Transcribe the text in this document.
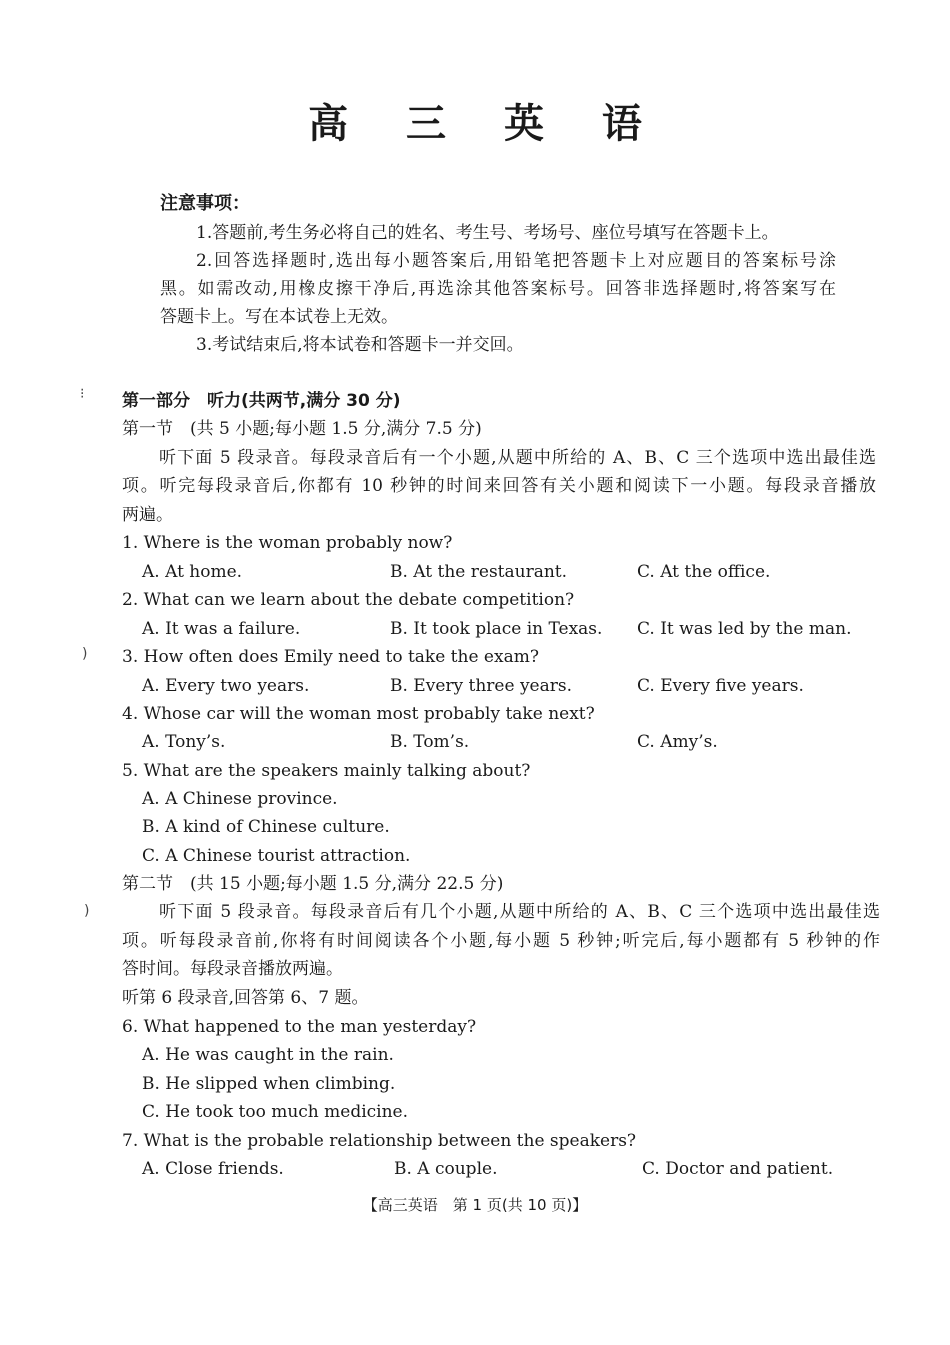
高 三 英 语
注意事项：
1.答题前,考生务必将自己的姓名、考生号、考场号、座位号填写在答题卡上。
2.回答选择题时,选出每小题答案后,用铅笔把答题卡上对应题目的答案标号涂
黑。如需改动,用橡皮擦干净后,再选涂其他答案标号。回答非选择题时,将答案写在
答题卡上。写在本试卷上无效。
3.考试结束后,将本试卷和答题卡一并交回。
⁝
)
)
第一部分　听力(共两节,满分 30 分)
第一节　(共 5 小题;每小题 1.5 分,满分 7.5 分)
听下面 5 段录音。每段录音后有一个小题,从题中所给的 A、B、C 三个选项中选出最佳选
项。听完每段录音后,你都有 10 秒钟的时间来回答有关小题和阅读下一小题。每段录音播放
两遍。
1. Where is the woman probably now?
A. At home.	B. At the restaurant.	C. At the office.
2. What can we learn about the debate competition?
A. It was a failure.	B. It took place in Texas. C. It was led by the man.
3. How often does Emily need to take the exam?
A. Every two years.	B. Every three years.	C. Every five years.
4. Whose car will the woman most probably take next?
A. Tony’s.	B. Tom’s.	C. Amy’s.
5. What are the speakers mainly talking about?
A. A Chinese province.
B. A kind of Chinese culture.
C. A Chinese tourist attraction.
第二节　(共 15 小题;每小题 1.5 分,满分 22.5 分)
听下面 5 段录音。每段录音后有几个小题,从题中所给的 A、B、C 三个选项中选出最佳选
项。听每段录音前,你将有时间阅读各个小题,每小题 5 秒钟;听完后,每小题都有 5 秒钟的作
答时间。每段录音播放两遍。
听第 6 段录音,回答第 6、7 题。
6. What happened to the man yesterday?
A. He was caught in the rain.
B. He slipped when climbing.
C. He took too much medicine.
7. What is the probable relationship between the speakers?
A. Close friends.	B. A couple.	C. Doctor and patient.
【高三英语　第 1 页(共 10 页)】
